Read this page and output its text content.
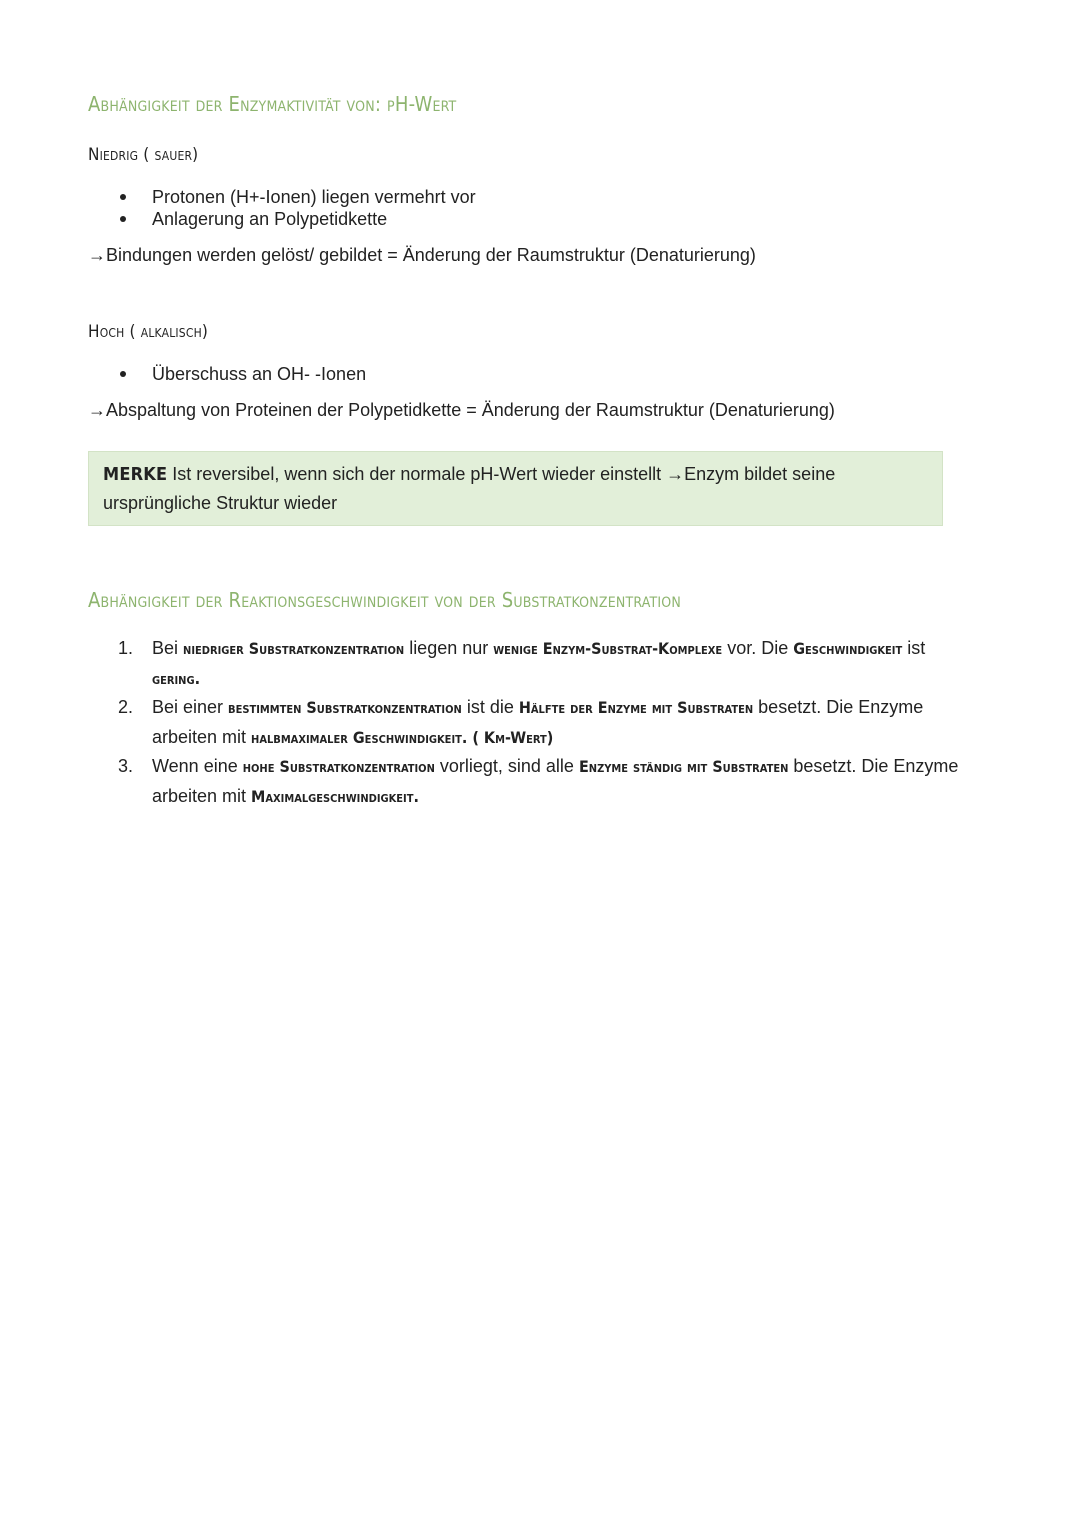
Abhängigkeit der Enzymaktivität von: pH-Wert
Niedrig ( sauer)
Protonen (H+-Ionen) liegen vermehrt vor
Anlagerung an Polypetidkette
→Bindungen werden gelöst/ gebildet = Änderung der Raumstruktur (Denaturierung)
Hoch ( alkalisch)
Überschuss an OH- -Ionen
→Abspaltung von Proteinen der Polypetidkette = Änderung der Raumstruktur (Denaturierung)
MERKE Ist reversibel, wenn sich der normale pH-Wert wieder einstellt →Enzym bildet seine ursprüngliche Struktur wieder
Abhängigkeit der Reaktionsgeschwindigkeit von der Substratkonzentration
1. Bei niedriger Substratkonzentration liegen nur wenige Enzym-Substrat-Komplexe vor. Die Geschwindigkeit ist gering.
2. Bei einer bestimmten Substratkonzentration ist die Hälfte der Enzyme mit Substraten besetzt. Die Enzyme arbeiten mit halbmaximaler Geschwindigkeit. ( Km-Wert)
3. Wenn eine hohe Substratkonzentration vorliegt, sind alle Enzyme ständig mit Substraten besetzt. Die Enzyme arbeiten mit Maximalgeschwindigkeit.
